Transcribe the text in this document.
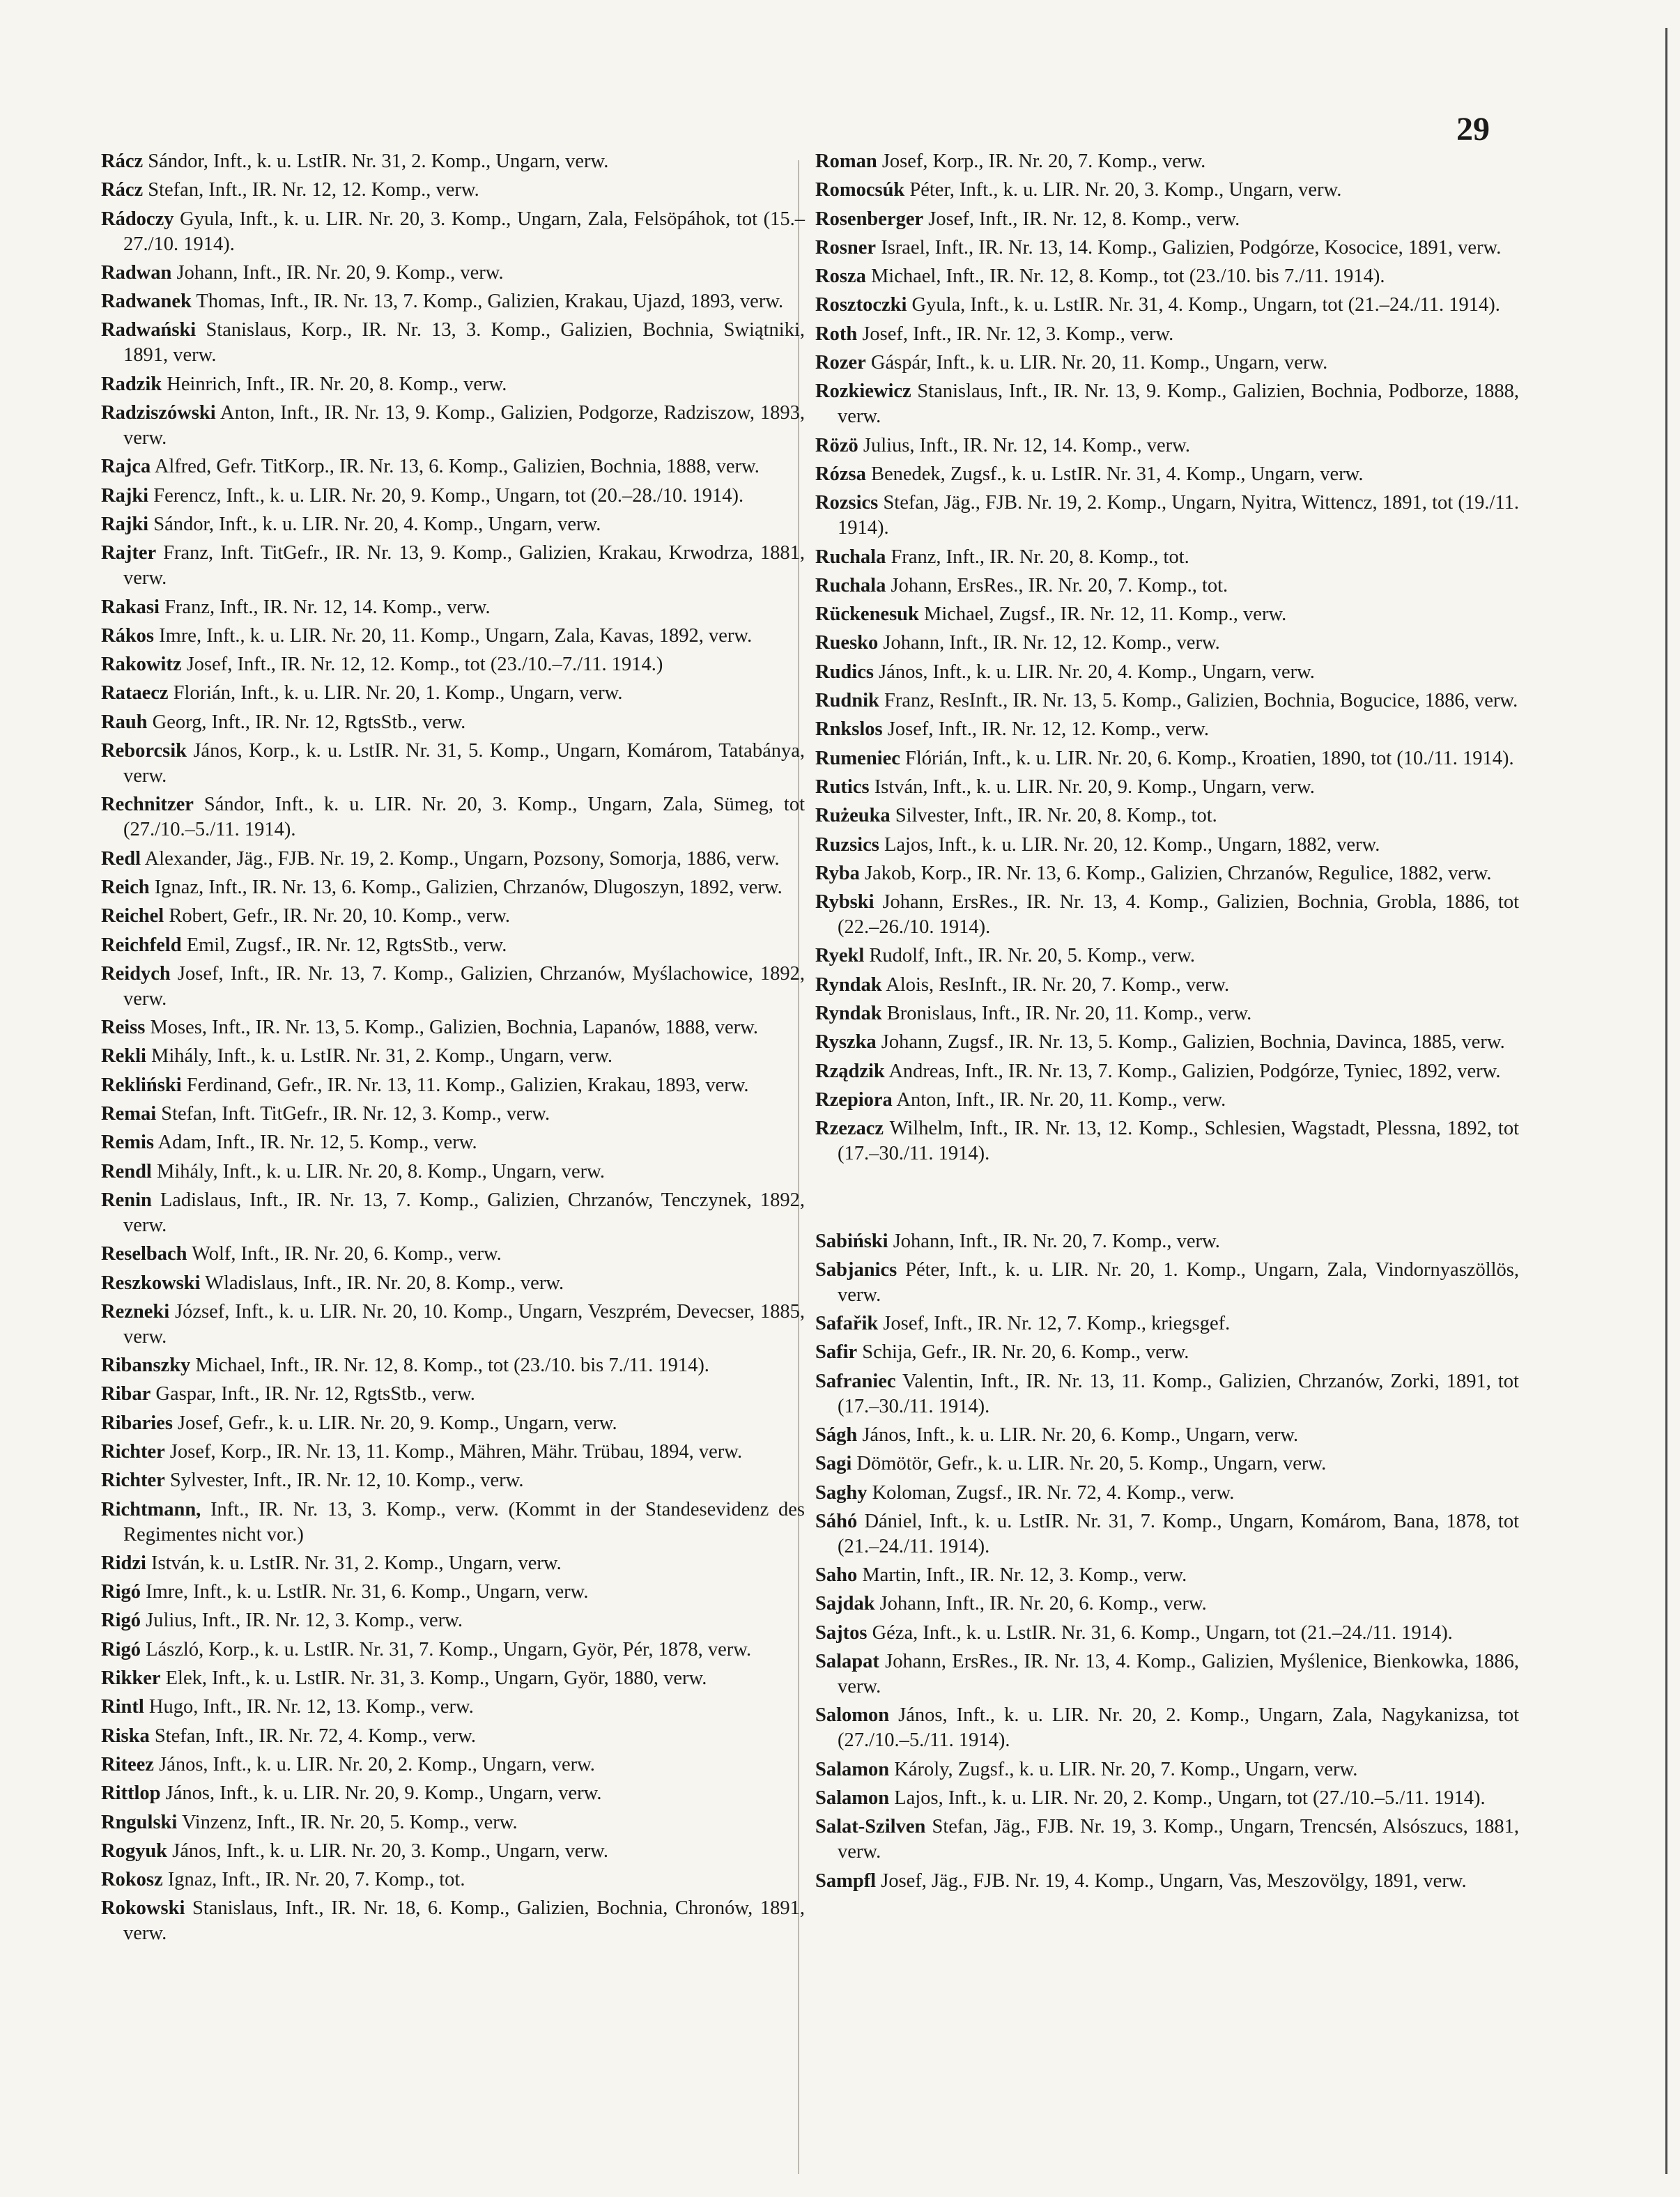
29

Rácz Sándor, Inft., k. u. LstIR. Nr. 31, 2. Komp., Ungarn, verw.

Rácz Stefan, Inft., IR. Nr. 12, 12. Komp., verw.

Rádoczy Gyula, Inft., k. u. LIR. Nr. 20, 3. Komp., Ungarn, Zala, Felsöpáhok, tot (15.–27./10. 1914).

Radwan Johann, Inft., IR. Nr. 20, 9. Komp., verw.

Radwanek Thomas, Inft., IR. Nr. 13, 7. Komp., Galizien, Krakau, Ujazd, 1893, verw.

Radwański Stanislaus, Korp., IR. Nr. 13, 3. Komp., Galizien, Bochnia, Swiątniki, 1891, verw.

Radzik Heinrich, Inft., IR. Nr. 20, 8. Komp., verw.

Radziszówski Anton, Inft., IR. Nr. 13, 9. Komp., Galizien, Podgorze, Radziszow, 1893, verw.

Rajca Alfred, Gefr. TitKorp., IR. Nr. 13, 6. Komp., Galizien, Bochnia, 1888, verw.

Rajki Ferencz, Inft., k. u. LIR. Nr. 20, 9. Komp., Ungarn, tot (20.–28./10. 1914).

Rajki Sándor, Inft., k. u. LIR. Nr. 20, 4. Komp., Ungarn, verw.

Rajter Franz, Inft. TitGefr., IR. Nr. 13, 9. Komp., Galizien, Krakau, Krwodrza, 1881, verw.

Rakasi Franz, Inft., IR. Nr. 12, 14. Komp., verw.

Rákos Imre, Inft., k. u. LIR. Nr. 20, 11. Komp., Ungarn, Zala, Kavas, 1892, verw.

Rakowitz Josef, Inft., IR. Nr. 12, 12. Komp., tot (23./10.–7./11. 1914.)

Rataecz Florián, Inft., k. u. LIR. Nr. 20, 1. Komp., Ungarn, verw.

Rauh Georg, Inft., IR. Nr. 12, RgtsStb., verw.

Reborcsik János, Korp., k. u. LstIR. Nr. 31, 5. Komp., Ungarn, Komárom, Tatabánya, verw.

Rechnitzer Sándor, Inft., k. u. LIR. Nr. 20, 3. Komp., Ungarn, Zala, Sümeg, tot (27./10.–5./11. 1914).

Redl Alexander, Jäg., FJB. Nr. 19, 2. Komp., Ungarn, Pozsony, Somorja, 1886, verw.

Reich Ignaz, Inft., IR. Nr. 13, 6. Komp., Galizien, Chrzanów, Dlugoszyn, 1892, verw.

Reichel Robert, Gefr., IR. Nr. 20, 10. Komp., verw.

Reichfeld Emil, Zugsf., IR. Nr. 12, RgtsStb., verw.

Reidych Josef, Inft., IR. Nr. 13, 7. Komp., Galizien, Chrzanów, Myślachowice, 1892, verw.

Reiss Moses, Inft., IR. Nr. 13, 5. Komp., Galizien, Bochnia, Lapanów, 1888, verw.

Rekli Mihály, Inft., k. u. LstIR. Nr. 31, 2. Komp., Ungarn, verw.

Rekliński Ferdinand, Gefr., IR. Nr. 13, 11. Komp., Galizien, Krakau, 1893, verw.

Remai Stefan, Inft. TitGefr., IR. Nr. 12, 3. Komp., verw.

Remis Adam, Inft., IR. Nr. 12, 5. Komp., verw.

Rendl Mihály, Inft., k. u. LIR. Nr. 20, 8. Komp., Ungarn, verw.

Renin Ladislaus, Inft., IR. Nr. 13, 7. Komp., Galizien, Chrzanów, Tenczynek, 1892, verw.

Reselbach Wolf, Inft., IR. Nr. 20, 6. Komp., verw.

Reszkowski Wladislaus, Inft., IR. Nr. 20, 8. Komp., verw.

Rezneki József, Inft., k. u. LIR. Nr. 20, 10. Komp., Ungarn, Veszprém, Devecser, 1885, verw.

Ribanszky Michael, Inft., IR. Nr. 12, 8. Komp., tot (23./10. bis 7./11. 1914).

Ribar Gaspar, Inft., IR. Nr. 12, RgtsStb., verw.

Ribaries Josef, Gefr., k. u. LIR. Nr. 20, 9. Komp., Ungarn, verw.

Richter Josef, Korp., IR. Nr. 13, 11. Komp., Mähren, Mähr. Trübau, 1894, verw.

Richter Sylvester, Inft., IR. Nr. 12, 10. Komp., verw.

Richtmann, Inft., IR. Nr. 13, 3. Komp., verw. (Kommt in der Standesevidenz des Regimentes nicht vor.)

Ridzi István, k. u. LstIR. Nr. 31, 2. Komp., Ungarn, verw.

Rigó Imre, Inft., k. u. LstIR. Nr. 31, 6. Komp., Ungarn, verw.

Rigó Julius, Inft., IR. Nr. 12, 3. Komp., verw.

Rigó László, Korp., k. u. LstIR. Nr. 31, 7. Komp., Ungarn, Györ, Pér, 1878, verw.

Rikker Elek, Inft., k. u. LstIR. Nr. 31, 3. Komp., Ungarn, Györ, 1880, verw.

Rintl Hugo, Inft., IR. Nr. 12, 13. Komp., verw.

Riska Stefan, Inft., IR. Nr. 72, 4. Komp., verw.

Riteez János, Inft., k. u. LIR. Nr. 20, 2. Komp., Ungarn, verw.

Rittlop János, Inft., k. u. LIR. Nr. 20, 9. Komp., Ungarn, verw.

Rngulski Vinzenz, Inft., IR. Nr. 20, 5. Komp., verw.

Rogyuk János, Inft., k. u. LIR. Nr. 20, 3. Komp., Ungarn, verw.

Rokosz Ignaz, Inft., IR. Nr. 20, 7. Komp., tot.

Rokowski Stanislaus, Inft., IR. Nr. 18, 6. Komp., Galizien, Bochnia, Chronów, 1891, verw.

Roman Josef, Korp., IR. Nr. 20, 7. Komp., verw.

Romocsúk Péter, Inft., k. u. LIR. Nr. 20, 3. Komp., Ungarn, verw.

Rosenberger Josef, Inft., IR. Nr. 12, 8. Komp., verw.

Rosner Israel, Inft., IR. Nr. 13, 14. Komp., Galizien, Podgórze, Kosocice, 1891, verw.

Rosza Michael, Inft., IR. Nr. 12, 8. Komp., tot (23./10. bis 7./11. 1914).

Rosztoczki Gyula, Inft., k. u. LstIR. Nr. 31, 4. Komp., Ungarn, tot (21.–24./11. 1914).

Roth Josef, Inft., IR. Nr. 12, 3. Komp., verw.

Rozer Gáspár, Inft., k. u. LIR. Nr. 20, 11. Komp., Ungarn, verw.

Rozkiewicz Stanislaus, Inft., IR. Nr. 13, 9. Komp., Galizien, Bochnia, Podborze, 1888, verw.

Rözö Julius, Inft., IR. Nr. 12, 14. Komp., verw.

Rózsa Benedek, Zugsf., k. u. LstIR. Nr. 31, 4. Komp., Ungarn, verw.

Rozsics Stefan, Jäg., FJB. Nr. 19, 2. Komp., Ungarn, Nyitra, Wittencz, 1891, tot (19./11. 1914).

Ruchala Franz, Inft., IR. Nr. 20, 8. Komp., tot.

Ruchala Johann, ErsRes., IR. Nr. 20, 7. Komp., tot.

Rückenesuk Michael, Zugsf., IR. Nr. 12, 11. Komp., verw.

Ruesko Johann, Inft., IR. Nr. 12, 12. Komp., verw.

Rudics János, Inft., k. u. LIR. Nr. 20, 4. Komp., Ungarn, verw.

Rudnik Franz, ResInft., IR. Nr. 13, 5. Komp., Galizien, Bochnia, Bogucice, 1886, verw.

Rnkslos Josef, Inft., IR. Nr. 12, 12. Komp., verw.

Rumeniec Flórián, Inft., k. u. LIR. Nr. 20, 6. Komp., Kroatien, 1890, tot (10./11. 1914).

Rutics István, Inft., k. u. LIR. Nr. 20, 9. Komp., Ungarn, verw.

Rużeuka Silvester, Inft., IR. Nr. 20, 8. Komp., tot.

Ruzsics Lajos, Inft., k. u. LIR. Nr. 20, 12. Komp., Ungarn, 1882, verw.

Ryba Jakob, Korp., IR. Nr. 13, 6. Komp., Galizien, Chrzanów, Regulice, 1882, verw.

Rybski Johann, ErsRes., IR. Nr. 13, 4. Komp., Galizien, Bochnia, Grobla, 1886, tot (22.–26./10. 1914).

Ryekl Rudolf, Inft., IR. Nr. 20, 5. Komp., verw.

Ryndak Alois, ResInft., IR. Nr. 20, 7. Komp., verw.

Ryndak Bronislaus, Inft., IR. Nr. 20, 11. Komp., verw.

Ryszka Johann, Zugsf., IR. Nr. 13, 5. Komp., Galizien, Bochnia, Davinca, 1885, verw.

Rządzik Andreas, Inft., IR. Nr. 13, 7. Komp., Galizien, Podgórze, Tyniec, 1892, verw.

Rzepiora Anton, Inft., IR. Nr. 20, 11. Komp., verw.

Rzezacz Wilhelm, Inft., IR. Nr. 13, 12. Komp., Schlesien, Wagstadt, Plessna, 1892, tot (17.–30./11. 1914).

Sabiński Johann, Inft., IR. Nr. 20, 7. Komp., verw.

Sabjanics Péter, Inft., k. u. LIR. Nr. 20, 1. Komp., Ungarn, Zala, Vindornyaszöllös, verw.

Safařik Josef, Inft., IR. Nr. 12, 7. Komp., kriegsgef.

Safir Schija, Gefr., IR. Nr. 20, 6. Komp., verw.

Safraniec Valentin, Inft., IR. Nr. 13, 11. Komp., Galizien, Chrzanów, Zorki, 1891, tot (17.–30./11. 1914).

Ságh János, Inft., k. u. LIR. Nr. 20, 6. Komp., Ungarn, verw.

Sagi Dömötör, Gefr., k. u. LIR. Nr. 20, 5. Komp., Ungarn, verw.

Saghy Koloman, Zugsf., IR. Nr. 72, 4. Komp., verw.

Sáhó Dániel, Inft., k. u. LstIR. Nr. 31, 7. Komp., Ungarn, Komárom, Bana, 1878, tot (21.–24./11. 1914).

Saho Martin, Inft., IR. Nr. 12, 3. Komp., verw.

Sajdak Johann, Inft., IR. Nr. 20, 6. Komp., verw.

Sajtos Géza, Inft., k. u. LstIR. Nr. 31, 6. Komp., Ungarn, tot (21.–24./11. 1914).

Salapat Johann, ErsRes., IR. Nr. 13, 4. Komp., Galizien, Myślenice, Bienkowka, 1886, verw.

Salomon János, Inft., k. u. LIR. Nr. 20, 2. Komp., Ungarn, Zala, Nagykanizsa, tot (27./10.–5./11. 1914).

Salamon Károly, Zugsf., k. u. LIR. Nr. 20, 7. Komp., Ungarn, verw.

Salamon Lajos, Inft., k. u. LIR. Nr. 20, 2. Komp., Ungarn, tot (27./10.–5./11. 1914).

Salat-Szilven Stefan, Jäg., FJB. Nr. 19, 3. Komp., Ungarn, Trencsén, Alsószucs, 1881, verw.

Sampfl Josef, Jäg., FJB. Nr. 19, 4. Komp., Ungarn, Vas, Meszovölgy, 1891, verw.
